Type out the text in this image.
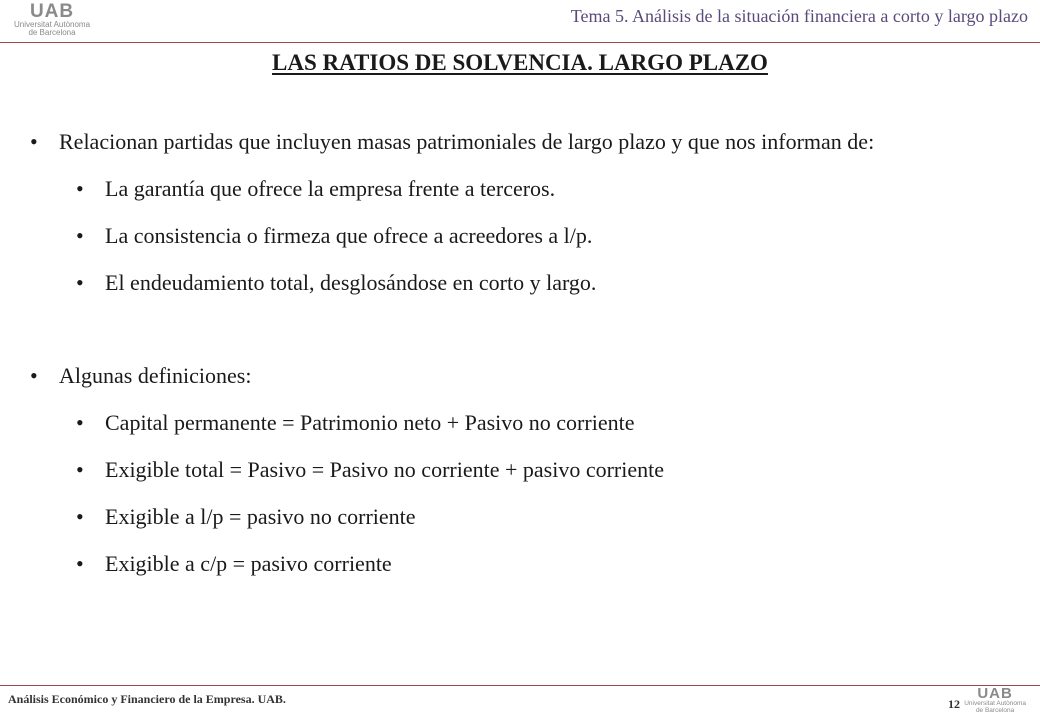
UAB
Universitat Autònoma
de Barcelona
Tema 5. Análisis de la situación financiera a corto y largo plazo
LAS RATIOS DE SOLVENCIA. LARGO PLAZO
• Relacionan partidas que incluyen masas patrimoniales de largo plazo y que nos informan de:
• La garantía que ofrece la empresa frente a terceros.
• La consistencia o firmeza que ofrece a acreedores a l/p.
• El endeudamiento total, desglosándose en corto y largo.
• Algunas definiciones:
• Capital permanente = Patrimonio neto + Pasivo no corriente
• Exigible total = Pasivo = Pasivo no corriente + pasivo corriente
• Exigible a l/p = pasivo no corriente
• Exigible a c/p = pasivo corriente
Análisis Económico y Financiero de la Empresa. UAB.	12
UAB
Universitat Autònoma
de Barcelona
